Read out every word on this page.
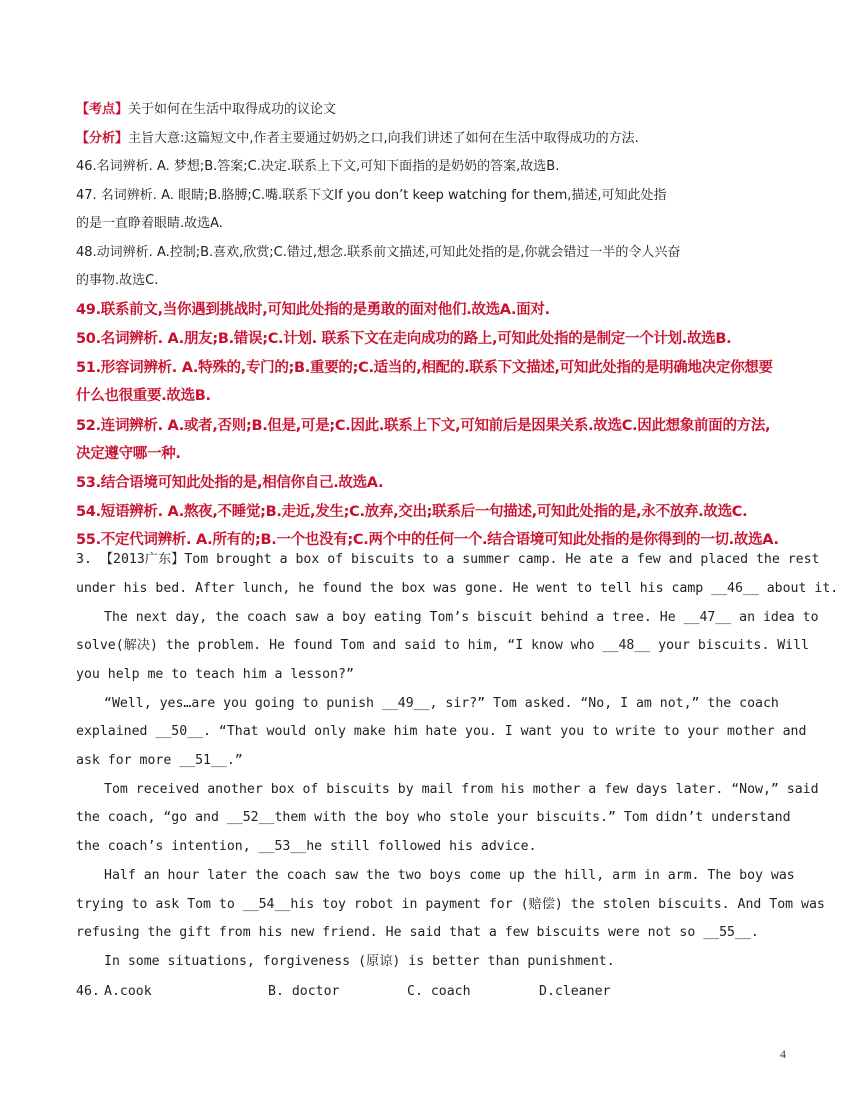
【考点】关于如何在生活中取得成功的议论文
【分析】主旨大意:这篇短文中,作者主要通过奶奶之口,向我们讲述了如何在生活中取得成功的方法.
46.名词辨析. A. 梦想;B.答案;C.决定.联系上下文,可知下面指的是奶奶的答案,故选B.
47. 名词辨析. A. 眼睛;B.胳膊;C.嘴.联系下文If you don’t keep watching for them,描述,可知此处指
的是一直睁着眼睛.故选A.
48.动词辨析. A.控制;B.喜欢,欣赏;C.错过,想念.联系前文描述,可知此处指的是,你就会错过一半的令人兴奋
的事物.故选C.
49.联系前文,当你遇到挑战时,可知此处指的是勇敢的面对他们.故选A.面对.
50.名词辨析. A.朋友;B.错误;C.计划. 联系下文在走向成功的路上,可知此处指的是制定一个计划.故选B.
51.形容词辨析. A.特殊的,专门的;B.重要的;C.适当的,相配的.联系下文描述,可知此处指的是明确地决定你想要
什么也很重要.故选B.
52.连词辨析. A.或者,否则;B.但是,可是;C.因此.联系上下文,可知前后是因果关系.故选C.因此想象前面的方法,
决定遵守哪一种.
53.结合语境可知此处指的是,相信你自己.故选A.
54.短语辨析. A.熬夜,不睡觉;B.走近,发生;C.放弃,交出;联系后一句描述,可知此处指的是,永不放弃.故选C.
55.不定代词辨析. A.所有的;B.一个也没有;C.两个中的任何一个.结合语境可知此处指的是你得到的一切.故选A.
3. 【2013广东】Tom brought a box of biscuits to a summer camp. He ate a few and placed the rest
under his bed. After lunch, he found the box was gone. He went to tell his camp __46__ about it.
The next day, the coach saw a boy eating Tom’s biscuit behind a tree. He __47__ an idea to
solve(解决) the problem. He found Tom and said to him, “I know who __48__ your biscuits. Will
you help me to teach him a lesson?”
“Well, yes…are you going to punish __49__, sir?” Tom asked. “No, I am not,” the coach
explained __50__. “That would only make him hate you. I want you to write to your mother and
ask for more __51__.”
Tom received another box of biscuits by mail from his mother a few days later. “Now,” said
the coach, “go and __52__them with the boy who stole your biscuits.” Tom didn’t understand
the coach’s intention, __53__he still followed his advice.
Half an hour later the coach saw the two boys come up the hill, arm in arm. The boy was
trying to ask Tom to __54__his toy robot in payment for (赔偿) the stolen biscuits. And Tom was
refusing the gift from his new friend. He said that a few biscuits were not so __55__.
In some situations, forgiveness (原谅) is better than punishment.
46. A.cook	B. doctor	C. coach	D.cleaner
4
